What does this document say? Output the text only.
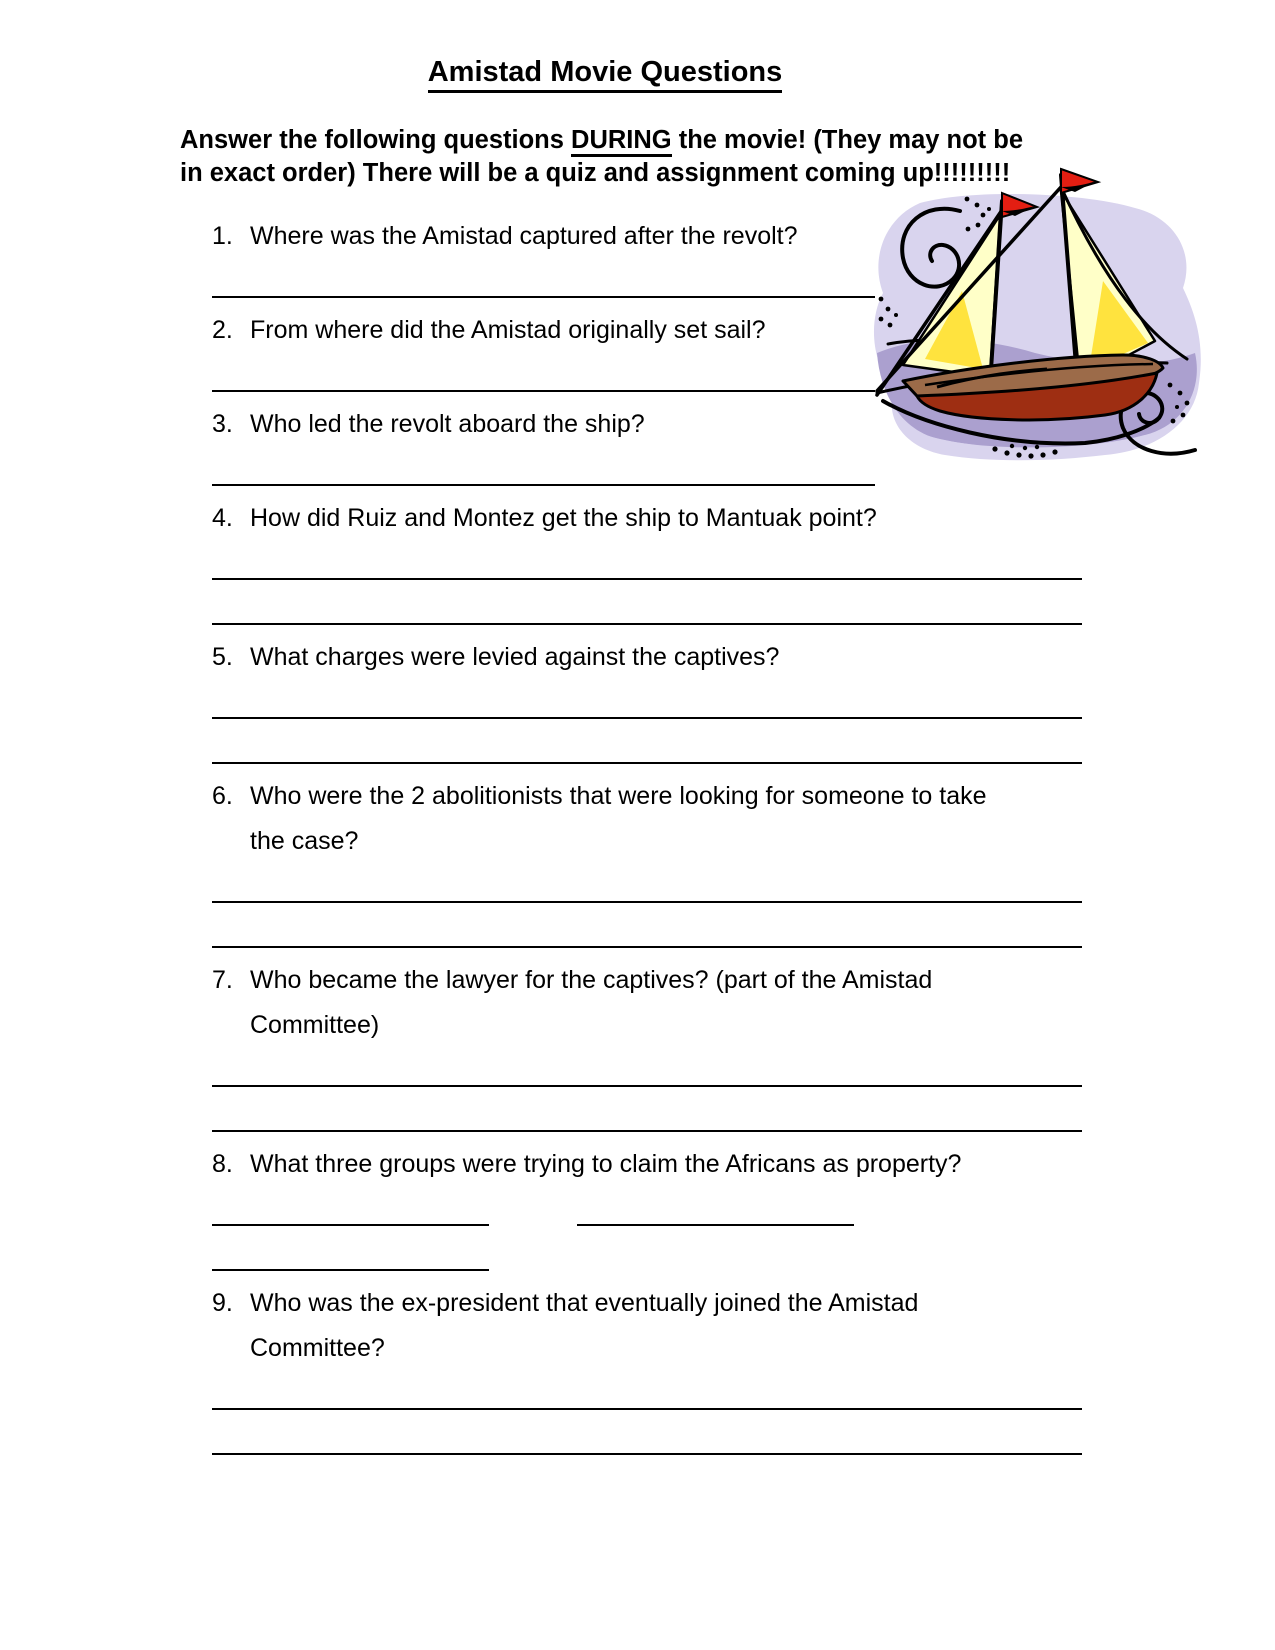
Amistad Movie Questions

Answer the following questions DURING the movie! (They may not be
in exact order) There will be a quiz and assignment coming up!!!!!!!!!

1. Where was the Amistad captured after the revolt?
2. From where did the Amistad originally set sail?
3. Who led the revolt aboard the ship?
4. How did Ruiz and Montez get the ship to Mantuak point?
5. What charges were levied against the captives?
6. Who were the 2 abolitionists that were looking for someone to take
the case?
7. Who became the lawyer for the captives? (part of the Amistad
Committee)
8. What three groups were trying to claim the Africans as property?
9. Who was the ex-president that eventually joined the Amistad
Committee?
